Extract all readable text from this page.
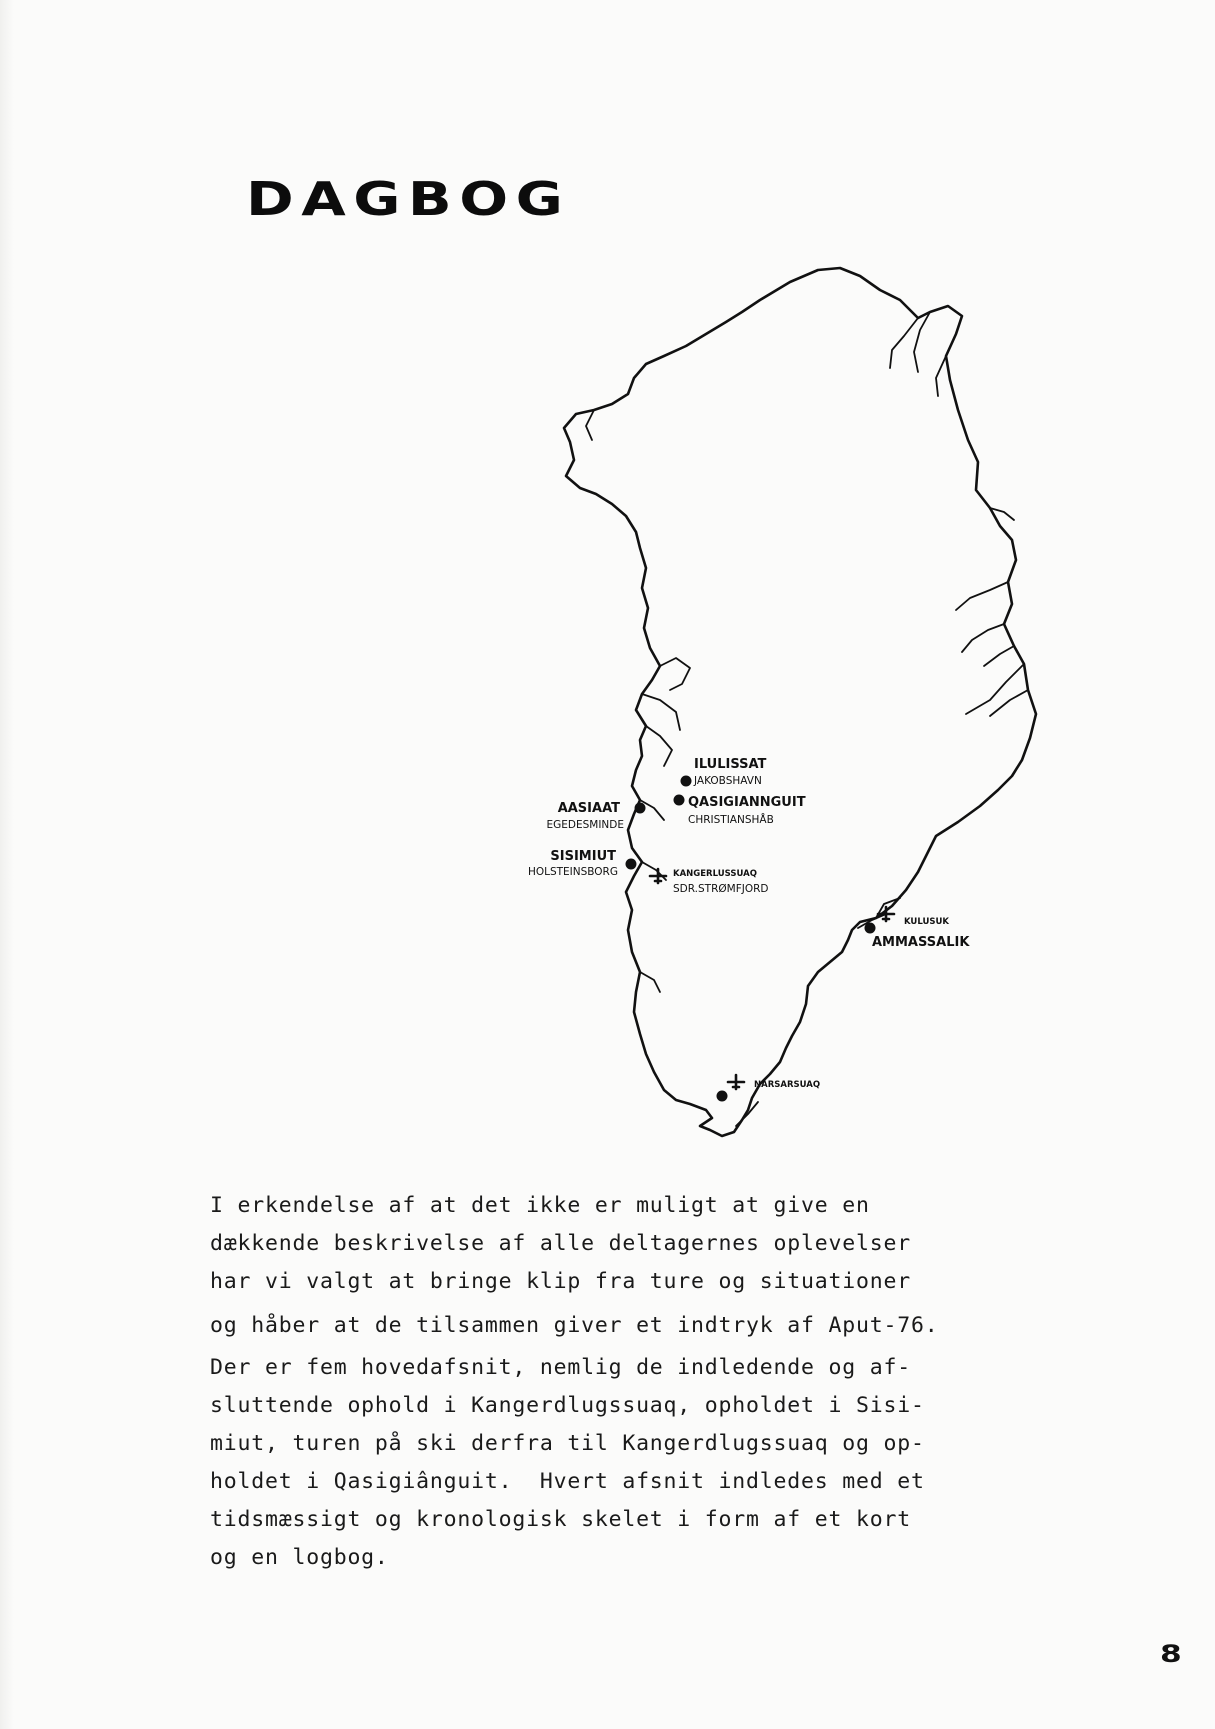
DAGBOG
ILULISSAT
JAKOBSHAVN
QASIGIANNGUIT
CHRISTIANSHÅB
AASIAAT
EGEDESMINDE
SISIMIUT
HOLSTEINSBORG	KANGERLUSSUAQ
SDR.STRØMFJORD
KULUSUK
AMMASSALIK
NARSARSUAQ
I erkendelse af at det ikke er muligt at give en
dækkende beskrivelse af alle deltagernes oplevelser
har vi valgt at bringe klip fra ture og situationer
og håber at de tilsammen giver et indtryk af Aput-76.
Der er fem hovedafsnit, nemlig de indledende og af-
sluttende ophold i Kangerdlugssuaq, opholdet i Sisi-
miut, turen på ski derfra til Kangerdlugssuaq og op-
holdet i Qasigiânguit.  Hvert afsnit indledes med et
tidsmæssigt og kronologisk skelet i form af et kort
og en logbog.
8
